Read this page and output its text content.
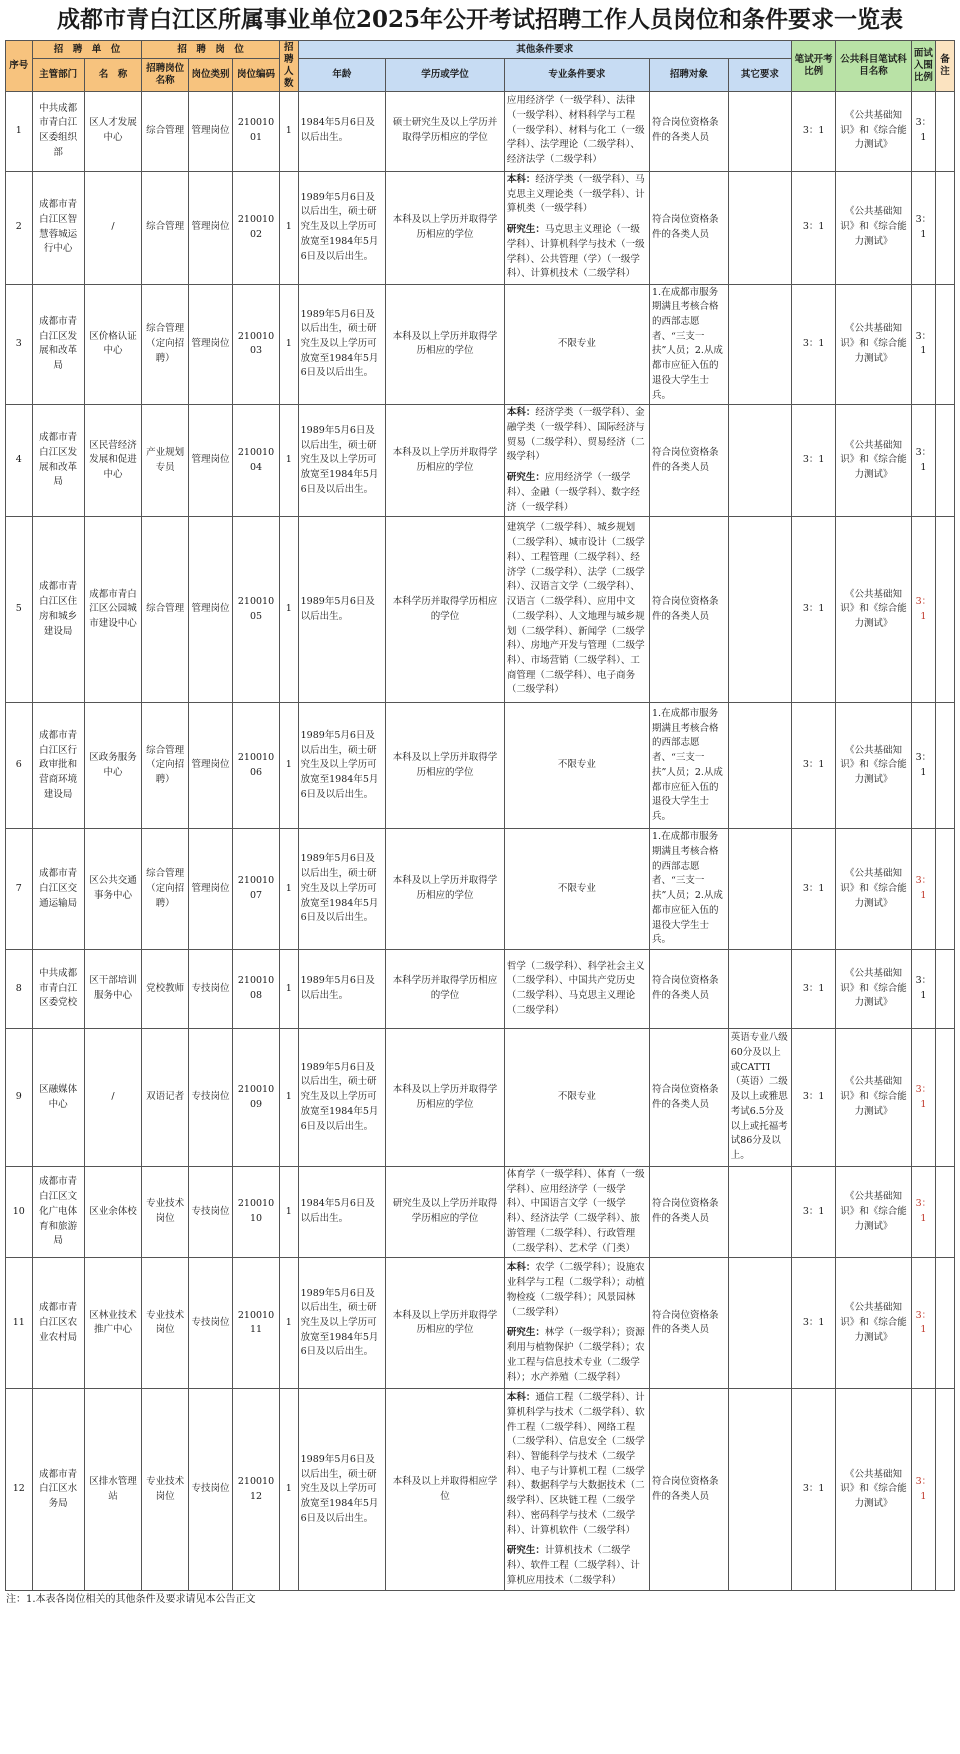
成都市青白江区所属事业单位2025年公开考试招聘工作人员岗位和条件要求一览表
序号	招　聘　单　位		招　聘　岗　位			招聘人数	其他条件要求					笔试开考比例	公共科目笔试科目名称	面试入围比例	备注
	主管部门	名　称	招聘岗位名称	岗位类别	岗位编码		年龄	学历或学位	专业条件要求	招聘对象	其它要求				
1	中共成都市青白江区委组织部	区人才发展中心	综合管理	管理岗位	21001001	1	1984年5月6日及以后出生。	硕士研究生及以上学历并取得学历相应的学位	应用经济学（一级学科）、法律（一级学科）、材料科学与工程（一级学科）、材料与化工（一级学科）、法学理论（二级学科）、经济法学（二级学科）	符合岗位资格条件的各类人员		3：1	《公共基础知识》和《综合能力测试》	3：1	
2	成都市青白江区智慧蓉城运行中心	/	综合管理	管理岗位	21001002	1	1989年5月6日及以后出生，硕士研究生及以上学历可放宽至1984年5月6日及以后出生。	本科及以上学历并取得学历相应的学位	本科：经济学类（一级学科）、马克思主义理论类（一级学科）、计算机类（一级学科）
研究生：马克思主义理论（一级学科）、计算机科学与技术（一级学科）、公共管理（学）（一级学科）、计算机技术（二级学科）	符合岗位资格条件的各类人员		3：1	《公共基础知识》和《综合能力测试》	3：1	
3	成都市青白江区发展和改革局	区价格认证中心	综合管理（定向招聘）	管理岗位	21001003	1	1989年5月6日及以后出生，硕士研究生及以上学历可放宽至1984年5月6日及以后出生。	本科及以上学历并取得学历相应的学位	不限专业	1.在成都市服务期满且考核合格的西部志愿者、“三支一扶”人员；2.从成都市应征入伍的退役大学生士兵。		3：1	《公共基础知识》和《综合能力测试》	3：1	
4	成都市青白江区发展和改革局	区民营经济发展和促进中心	产业规划专员	管理岗位	21001004	1	1989年5月6日及以后出生，硕士研究生及以上学历可放宽至1984年5月6日及以后出生。	本科及以上学历并取得学历相应的学位	本科：经济学类（一级学科）、金融学类（一级学科）、国际经济与贸易（二级学科）、贸易经济（二级学科）
研究生：应用经济学（一级学科）、金融（一级学科）、数字经济（一级学科）	符合岗位资格条件的各类人员		3：1	《公共基础知识》和《综合能力测试》	3：1	
5	成都市青白江区住房和城乡建设局	成都市青白江区公园城市建设中心	综合管理	管理岗位	21001005	1	1989年5月6日及以后出生。	本科学历并取得学历相应的学位	建筑学（二级学科）、城乡规划（二级学科）、城市设计（二级学科）、工程管理（二级学科）、经济学（二级学科）、法学（二级学科）、汉语言文学（二级学科）、汉语言（二级学科）、应用中文（二级学科）、人文地理与城乡规划（二级学科）、新闻学（二级学科）、房地产开发与管理（二级学科）、市场营销（二级学科）、工商管理（二级学科）、电子商务（二级学科）	符合岗位资格条件的各类人员		3：1	《公共基础知识》和《综合能力测试》	3：1	
6	成都市青白江区行政审批和营商环境建设局	区政务服务中心	综合管理（定向招聘）	管理岗位	21001006	1	1989年5月6日及以后出生，硕士研究生及以上学历可放宽至1984年5月6日及以后出生。	本科及以上学历并取得学历相应的学位	不限专业	1.在成都市服务期满且考核合格的西部志愿者、“三支一扶”人员；2.从成都市应征入伍的退役大学生士兵。		3：1	《公共基础知识》和《综合能力测试》	3：1	
7	成都市青白江区交通运输局	区公共交通事务中心	综合管理（定向招聘）	管理岗位	21001007	1	1989年5月6日及以后出生，硕士研究生及以上学历可放宽至1984年5月6日及以后出生。	本科及以上学历并取得学历相应的学位	不限专业	1.在成都市服务期满且考核合格的西部志愿者、“三支一扶”人员；2.从成都市应征入伍的退役大学生士兵。		3：1	《公共基础知识》和《综合能力测试》	3：1	
8	中共成都市青白江区委党校	区干部培训服务中心	党校教师	专技岗位	21001008	1	1989年5月6日及以后出生。	本科学历并取得学历相应的学位	哲学（二级学科）、科学社会主义（二级学科）、中国共产党历史（二级学科）、马克思主义理论（二级学科）	符合岗位资格条件的各类人员		3：1	《公共基础知识》和《综合能力测试》	3：1	
9	区融媒体中心	/	双语记者	专技岗位	21001009	1	1989年5月6日及以后出生，硕士研究生及以上学历可放宽至1984年5月6日及以后出生。	本科及以上学历并取得学历相应的学位	不限专业	符合岗位资格条件的各类人员	英语专业八级60分及以上或CATTI（英语）二级及以上或雅思考试6.5分及以上或托福考试86分及以上。	3：1	《公共基础知识》和《综合能力测试》	3：1	
10	成都市青白江区文化广电体育和旅游局	区业余体校	专业技术岗位	专技岗位	21001010	1	1984年5月6日及以后出生。	研究生及以上学历并取得学历相应的学位	体育学（一级学科）、体育（一级学科）、应用经济学（一级学科）、中国语言文学（一级学科）、经济法学（二级学科）、旅游管理（二级学科）、行政管理（二级学科）、艺术学（门类）	符合岗位资格条件的各类人员		3：1	《公共基础知识》和《综合能力测试》	3：1	
11	成都市青白江区农业农村局	区林业技术推广中心	专业技术岗位	专技岗位	21001011	1	1989年5月6日及以后出生，硕士研究生及以上学历可放宽至1984年5月6日及以后出生。	本科及以上学历并取得学历相应的学位	本科：农学（二级学科）；设施农业科学与工程（二级学科）；动植物检疫（二级学科）；风景园林（二级学科）
研究生：林学（一级学科）；资源利用与植物保护（二级学科）；农业工程与信息技术专业（二级学科）；水产养殖（二级学科）	符合岗位资格条件的各类人员		3：1	《公共基础知识》和《综合能力测试》	3：1	
12	成都市青白江区水务局	区排水管理站	专业技术岗位	专技岗位	21001012	1	1989年5月6日及以后出生，硕士研究生及以上学历可放宽至1984年5月6日及以后出生。	本科及以上并取得相应学位	本科：通信工程（二级学科）、计算机科学与技术（二级学科）、软件工程（二级学科）、网络工程（二级学科）、信息安全（二级学科）、智能科学与技术（二级学科）、电子与计算机工程（二级学科）、数据科学与大数据技术（二级学科）、区块链工程（二级学科）、密码科学与技术（二级学科）、计算机软件（二级学科）
研究生：计算机技术（二级学科）、软件工程（二级学科）、计算机应用技术（二级学科）	符合岗位资格条件的各类人员		3：1	《公共基础知识》和《综合能力测试》	3：1	
注：1.本表各岗位相关的其他条件及要求请见本公告正文
